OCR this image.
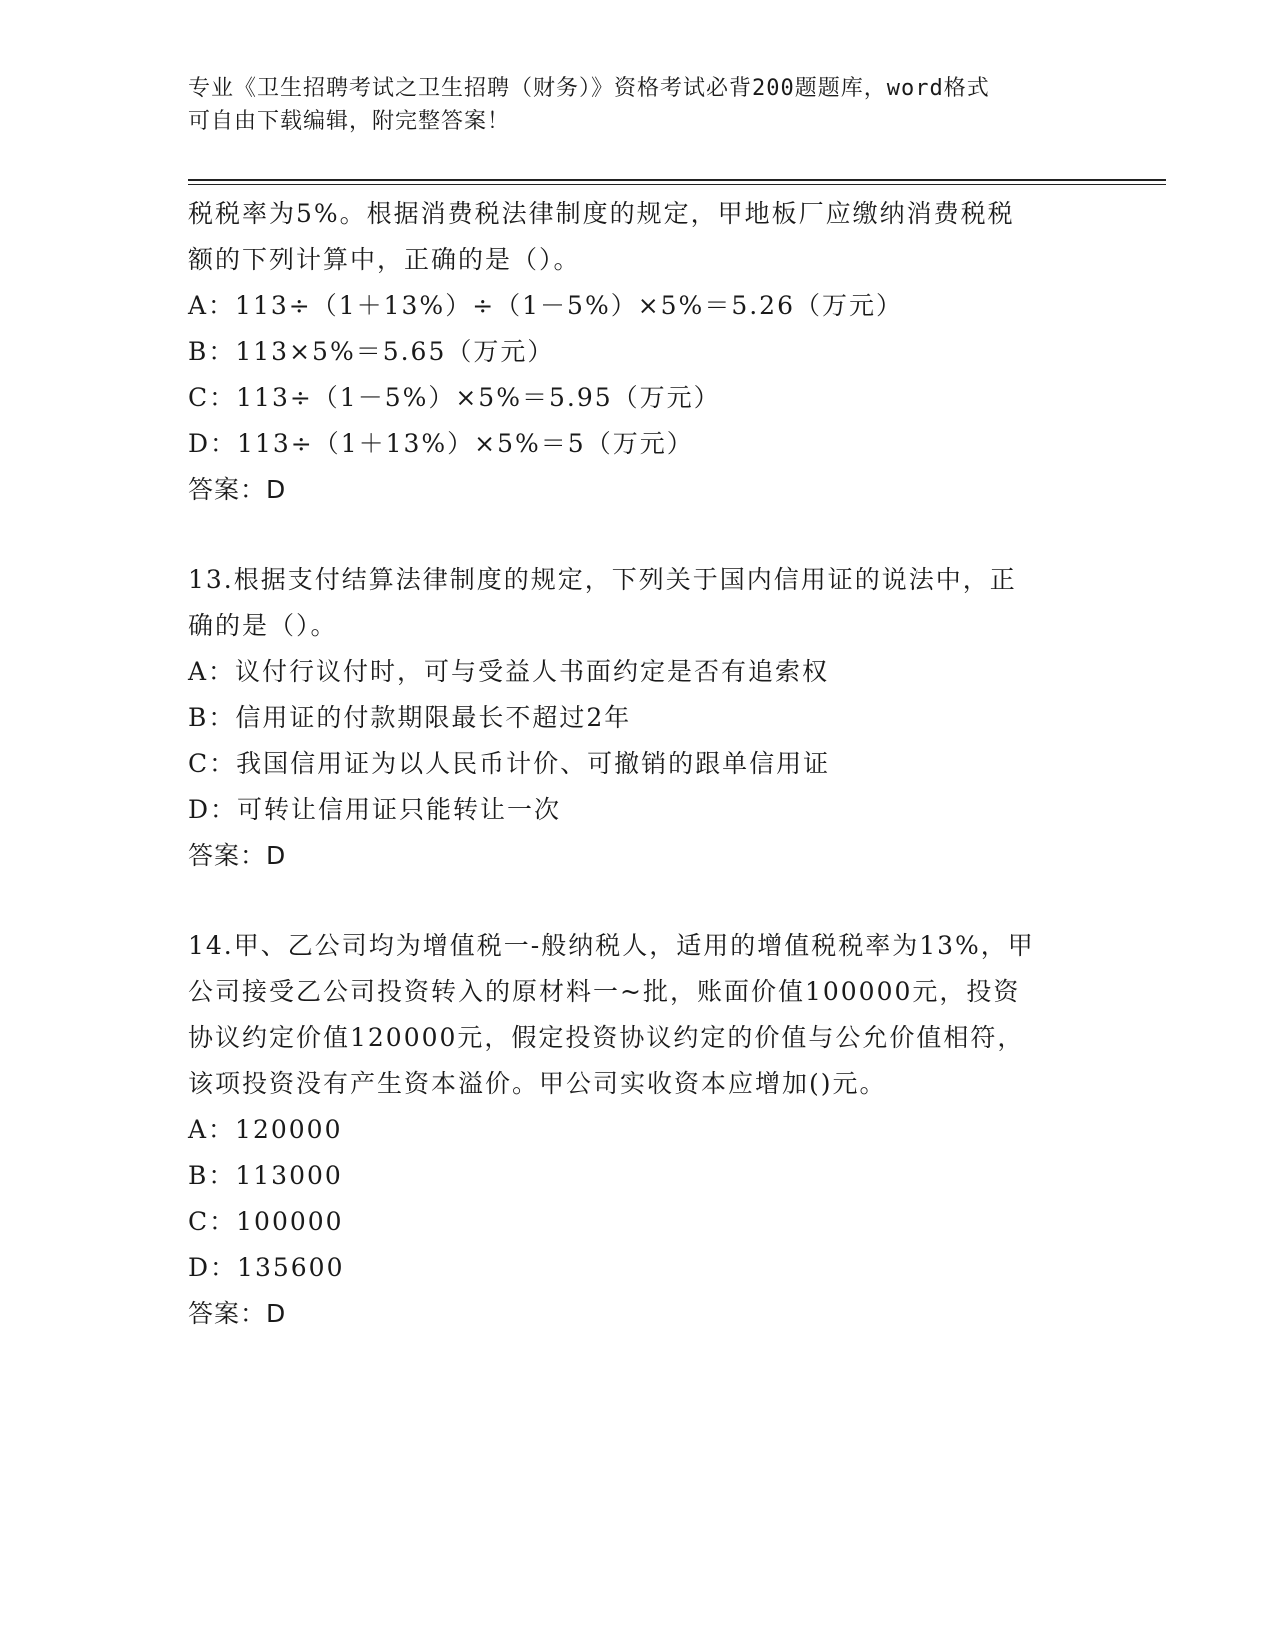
专业《卫生招聘考试之卫生招聘（财务）》资格考试必背200题题库，word格式
可自由下载编辑，附完整答案！
税税率为5%。根据消费税法律制度的规定，甲地板厂应缴纳消费税税
额的下列计算中，正确的是（）。
A：113÷（1＋13%）÷（1－5%）×5%＝5.26（万元）
B：113×5%＝5.65（万元）
C：113÷（1－5%）×5%＝5.95（万元）
D：113÷（1＋13%）×5%＝5（万元）
答案：D
13.根据支付结算法律制度的规定，下列关于国内信用证的说法中，正
确的是（）。
A：议付行议付时，可与受益人书面约定是否有追索权
B：信用证的付款期限最长不超过2年
C：我国信用证为以人民币计价、可撤销的跟单信用证
D：可转让信用证只能转让一次
答案：D
14.甲、乙公司均为增值税一-般纳税人，适用的增值税税率为13%，甲
公司接受乙公司投资转入的原材料一~批，账面价值100000元，投资
协议约定价值120000元，假定投资协议约定的价值与公允价值相符，
该项投资没有产生资本溢价。甲公司实收资本应增加()元。
A：120000
B：113000
C：100000
D：135600
答案：D
